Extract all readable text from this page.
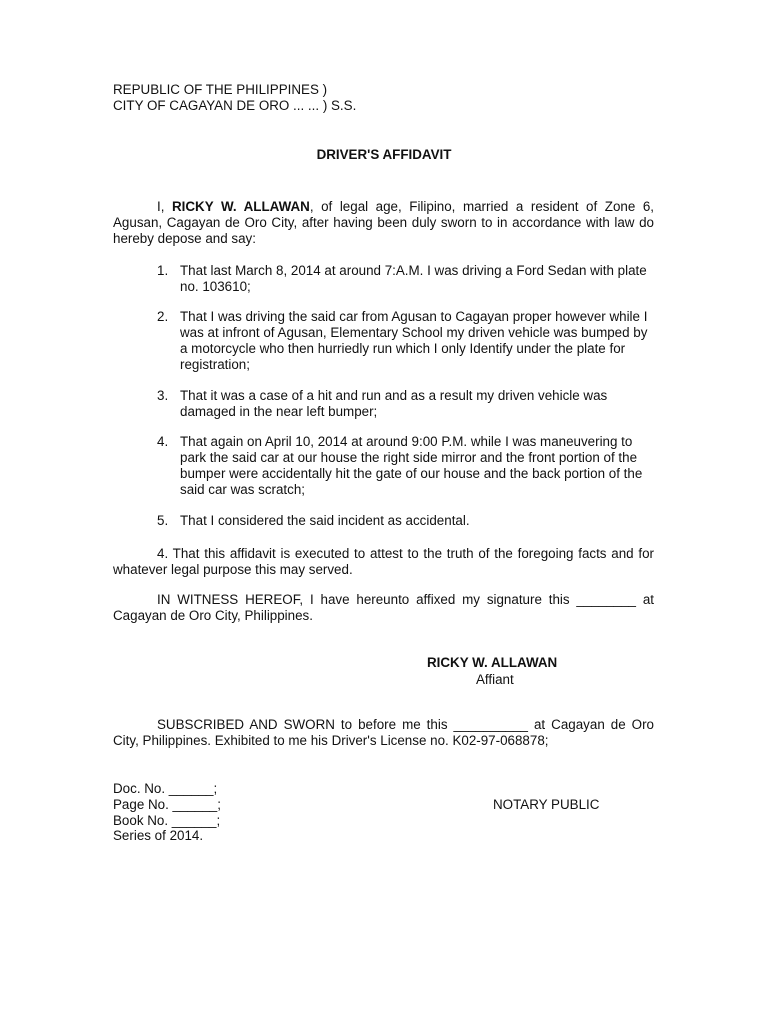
REPUBLIC OF THE PHILIPPINES )
CITY OF CAGAYAN DE ORO ... ... ) S.S.
DRIVER'S AFFIDAVIT
I, RICKY W. ALLAWAN, of legal age, Filipino, married a resident of Zone 6, Agusan, Cagayan de Oro City, after having been duly sworn to in accordance with law do hereby depose and say:
1. That last March 8, 2014 at around 7:A.M. I was driving a Ford Sedan with plate no. 103610;
2. That I was driving the said car from Agusan to Cagayan proper however while I was at infront of Agusan, Elementary School my driven vehicle was bumped by a motorcycle who then hurriedly run which I only Identify under the plate for registration;
3. That it was a case of a hit and run and as a result my driven vehicle was damaged in the near left bumper;
4. That again on April 10, 2014 at around 9:00 P.M. while I was maneuvering to park the said car at our house the right side mirror and the front portion of the bumper were accidentally hit the gate of our house and the back portion of the said car was scratch;
5. That I considered the said incident as accidental.
4. That this affidavit is executed to attest to the truth of the foregoing facts and for whatever legal purpose this may served.
IN WITNESS HEREOF, I have hereunto affixed my signature this ________ at Cagayan de Oro City, Philippines.
RICKY W. ALLAWAN
Affiant
SUBSCRIBED AND SWORN to before me this __________ at Cagayan de Oro City, Philippines. Exhibited to me his Driver's License no. K02-97-068878;
Doc. No. ______;
Page No. ______;
Book No. ______;
Series of 2014.
NOTARY PUBLIC
